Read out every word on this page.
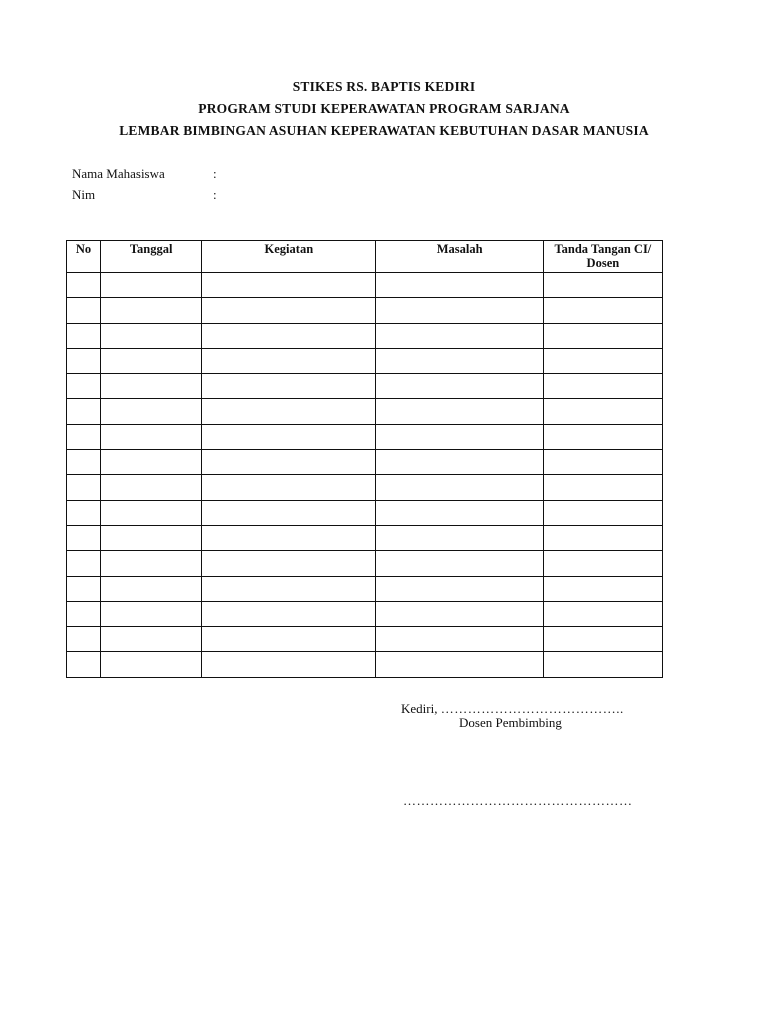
STIKES RS. BAPTIS KEDIRI
PROGRAM STUDI KEPERAWATAN PROGRAM SARJANA
LEMBAR BIMBINGAN ASUHAN KEPERAWATAN KEBUTUHAN DASAR MANUSIA
Nama Mahasiswa	:
Nim	:
No	Tanggal	Kegiatan	Masalah	Tanda Tangan CI/ Dosen

Kediri, …………………………………..
Dosen Pembimbing
……………………………………………
